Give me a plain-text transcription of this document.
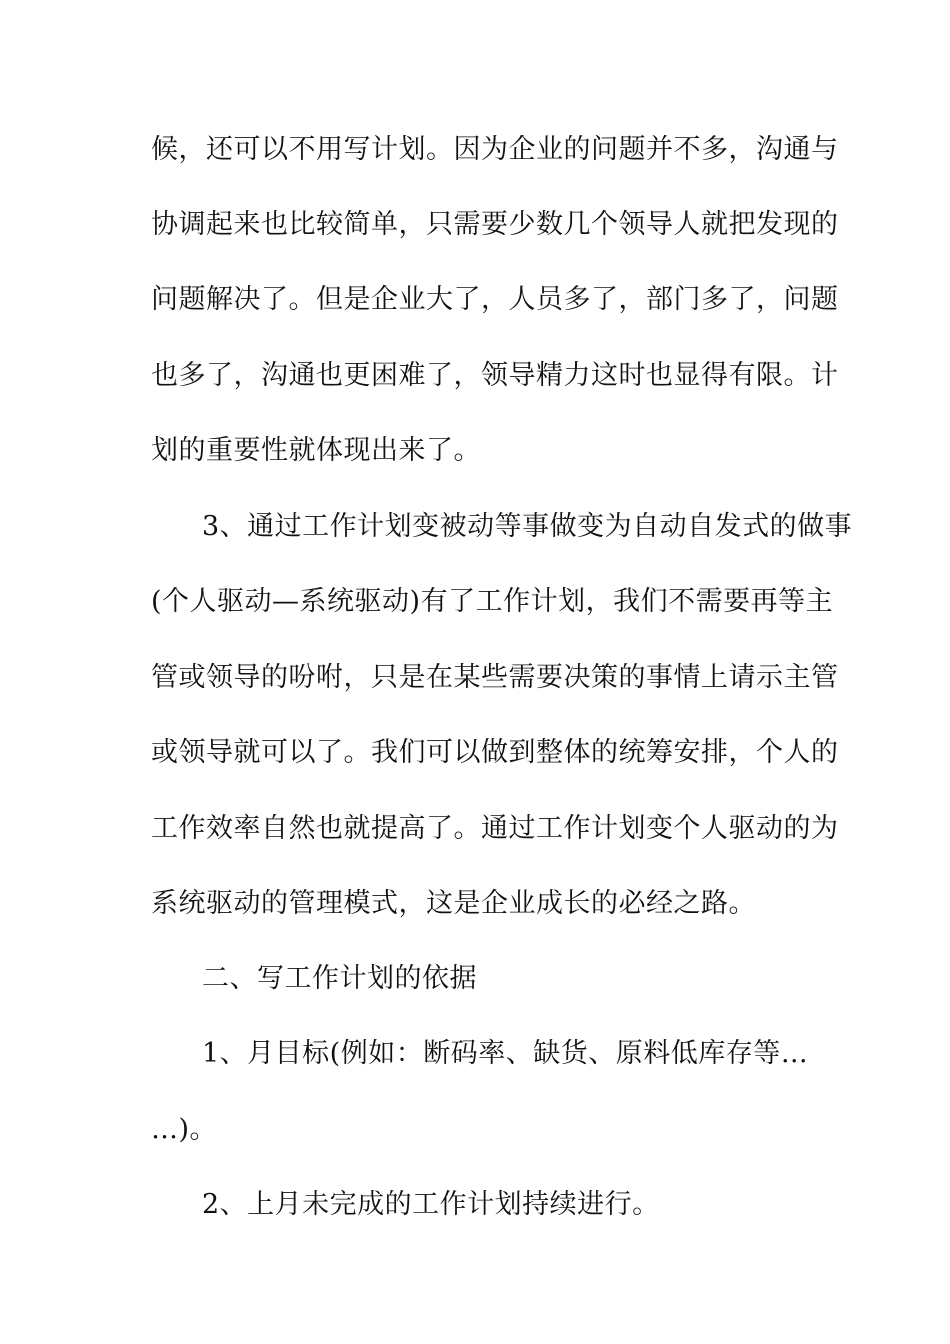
候，还可以不用写计划。因为企业的问题并不多，沟通与
协调起来也比较简单，只需要少数几个领导人就把发现的
问题解决了。但是企业大了，人员多了，部门多了，问题
也多了，沟通也更困难了，领导精力这时也显得有限。计
划的重要性就体现出来了。
3、通过工作计划变被动等事做变为自动自发式的做事
(个人驱动—系统驱动)有了工作计划，我们不需要再等主
管或领导的吩咐，只是在某些需要决策的事情上请示主管
或领导就可以了。我们可以做到整体的统筹安排，个人的
工作效率自然也就提高了。通过工作计划变个人驱动的为
系统驱动的管理模式，这是企业成长的必经之路。
二、写工作计划的依据
1、月目标(例如：断码率、缺货、原料低库存等…
…)。
2、上月未完成的工作计划持续进行。
